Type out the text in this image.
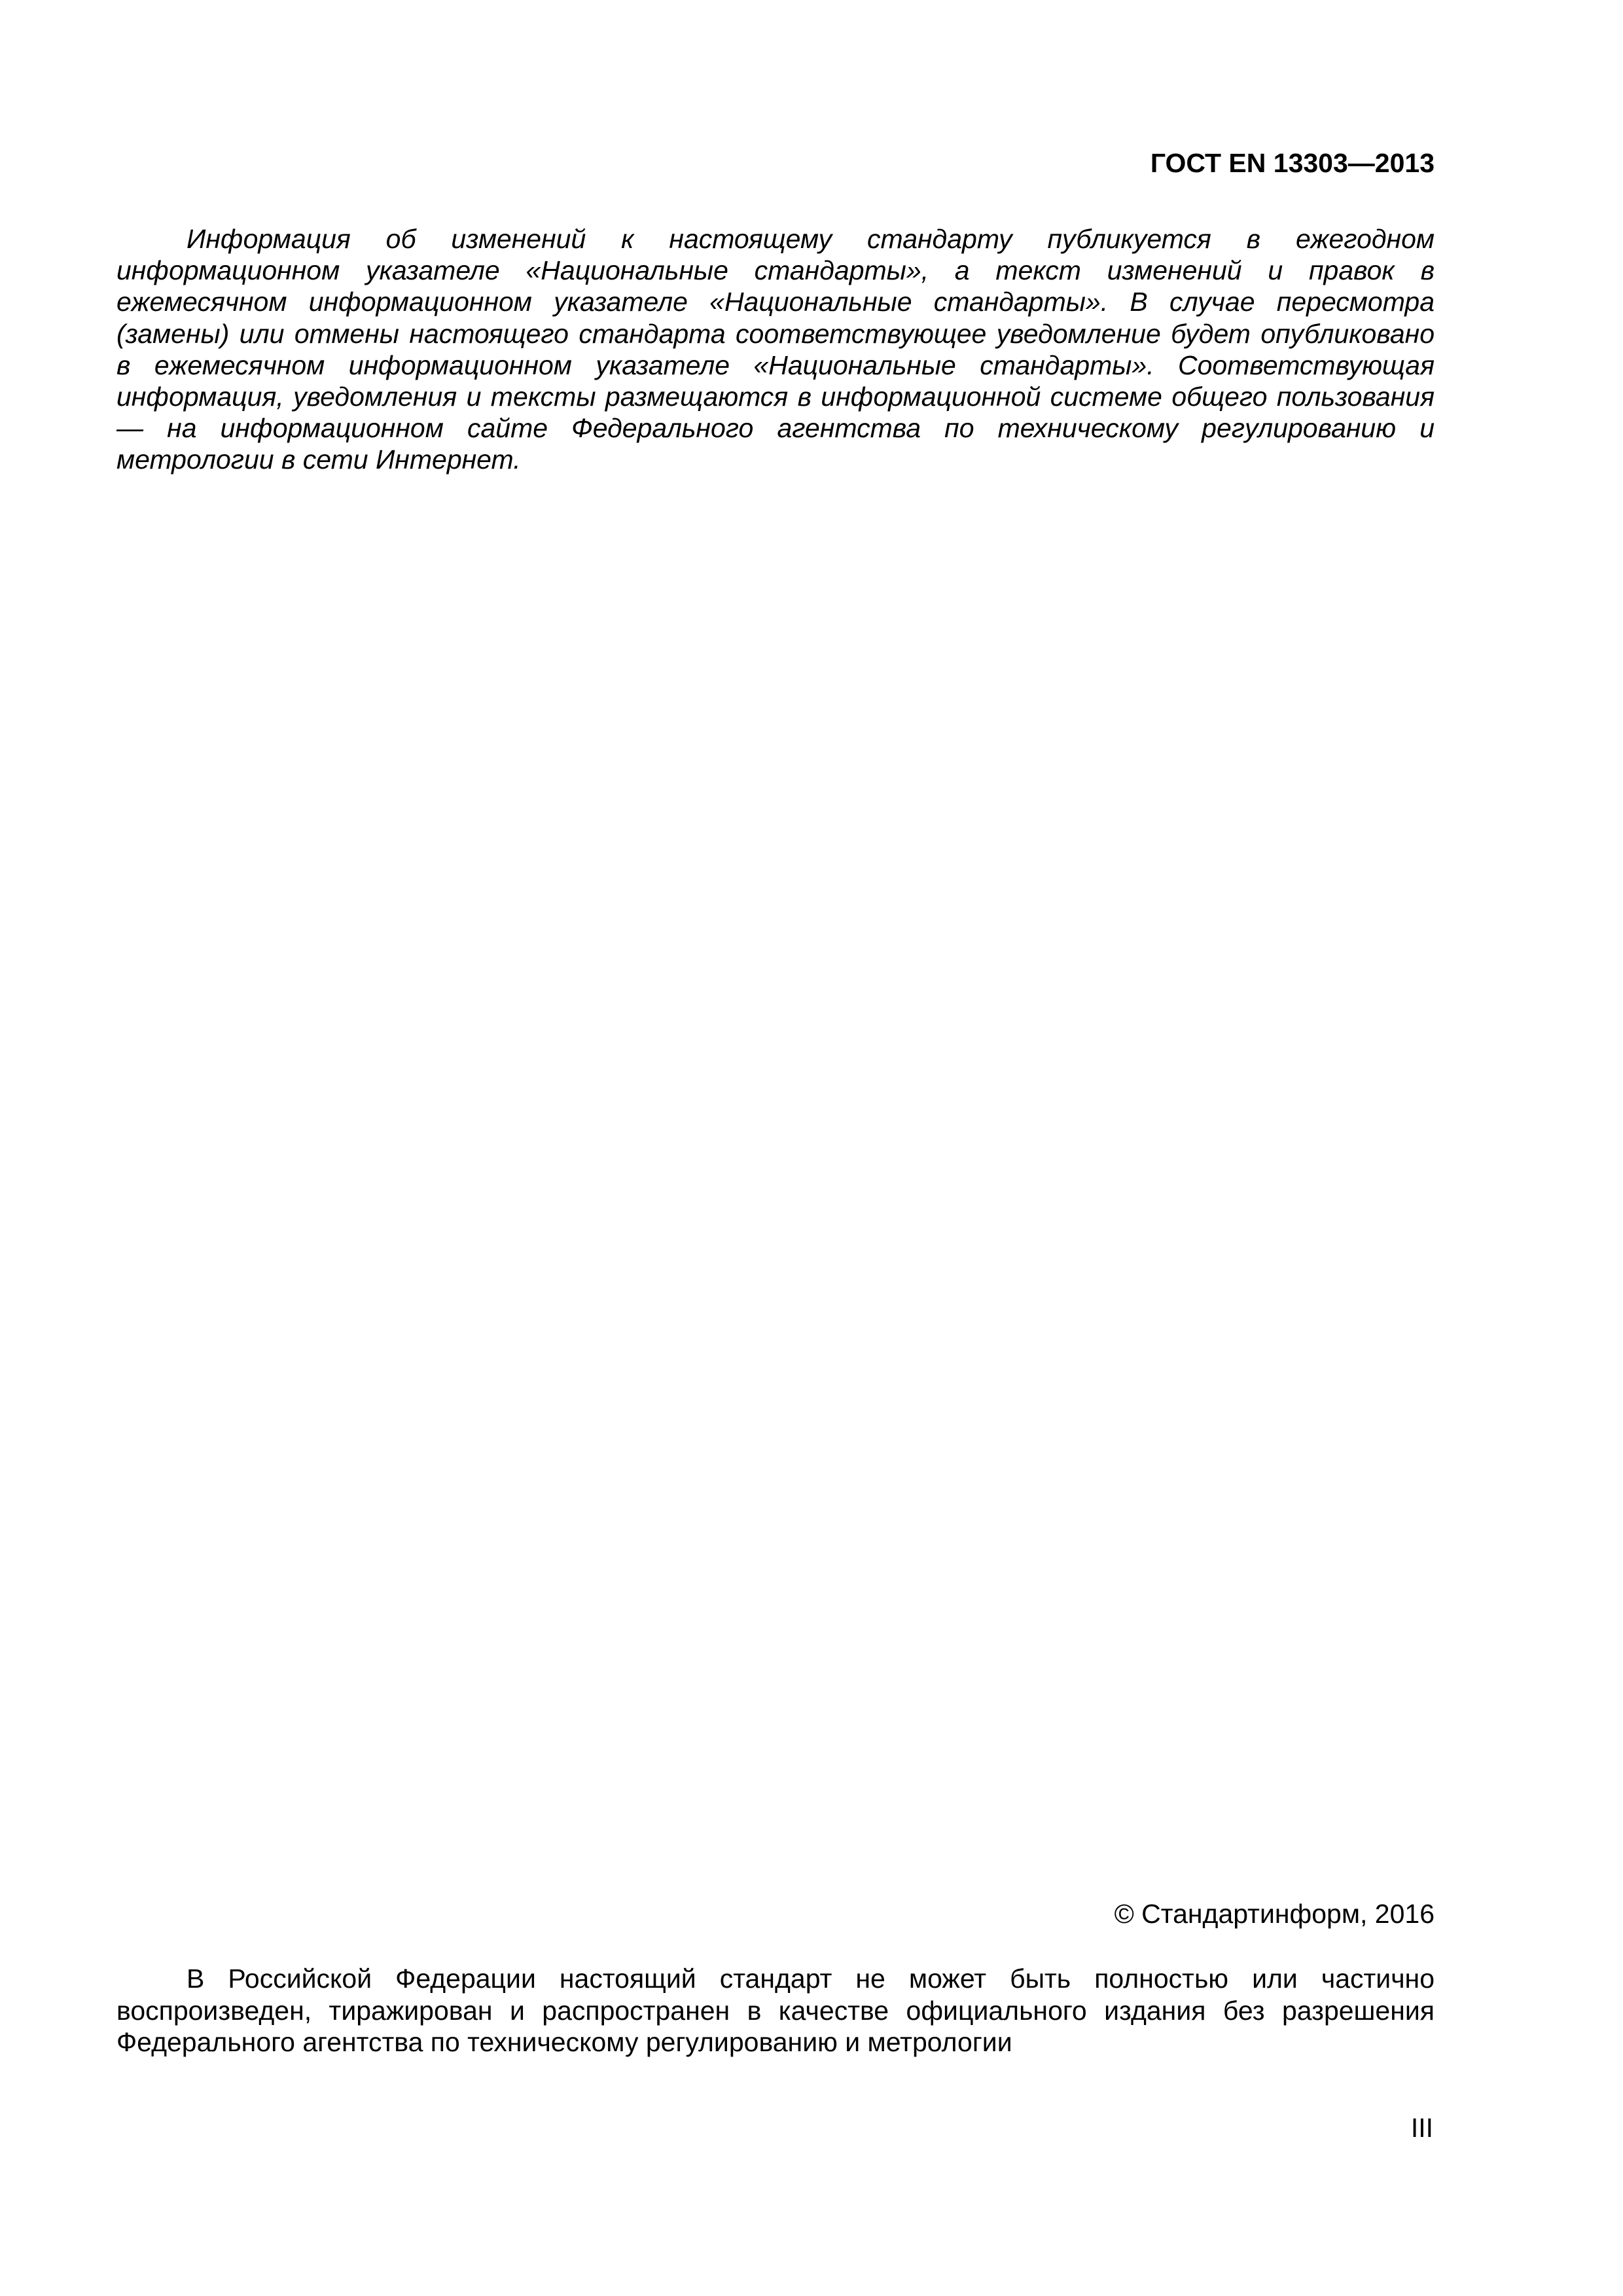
ГОСТ EN 13303—2013

Информация об изменений к настоящему стандарту публикуется в ежегодном информационном указателе «Национальные стандарты», а текст изменений и правок в ежемесячном информационном указателе «Национальные стандарты». В случае пересмотра (замены) или отмены настоящего стандарта соответствующее уведомление будет опубликовано в ежемесячном информационном указателе «Национальные стандарты». Соответствующая информация, уведомления и тексты размещаются в информационной системе общего пользования — на информационном сайте Федерального агентства по техническому регулированию и метрологии в сети Интернет.

© Стандартинформ, 2016

В Российской Федерации настоящий стандарт не может быть полностью или частично воспроизведен, тиражирован и распространен в качестве официального издания без разрешения Федерального агентства по техническому регулированию и метрологии

III
